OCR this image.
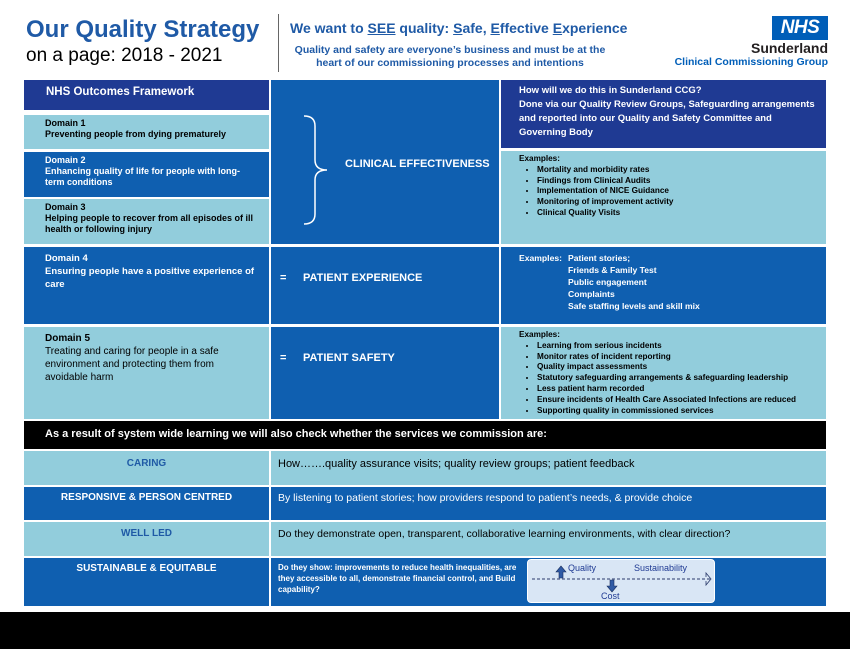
Our Quality Strategy
on a page: 2018 - 2021
We want to SEE quality: Safe, Effective Experience
Quality and safety are everyone’s business and must be at the heart of our commissioning processes and intentions
NHS
Sunderland
Clinical Commissioning Group
NHS Outcomes Framework
Domain 1
Preventing people from dying prematurely
Domain 2
Enhancing quality of life for people with long-term conditions
Domain 3
Helping people to recover from all episodes of ill health or following injury
CLINICAL EFFECTIVENESS
How will we do this in Sunderland CCG?
Done via our Quality Review Groups, Safeguarding arrangements and reported into our Quality and Safety Committee and Governing Body
Examples:
• Mortality and morbidity rates
• Findings from Clinical Audits
• Implementation of NICE Guidance
• Monitoring of improvement activity
• Clinical Quality Visits
Domain 4
Ensuring people have a positive experience of care
= PATIENT EXPERIENCE
Examples: Patient stories;
Friends & Family Test
Public engagement
Complaints
Safe staffing levels and skill mix
Domain 5
Treating and caring for people in a safe environment and protecting them from avoidable harm
= PATIENT SAFETY
Examples:
• Learning from serious incidents
• Monitor rates of incident reporting
• Quality impact assessments
• Statutory safeguarding arrangements & safeguarding leadership
• Less patient harm recorded
• Ensure incidents of Health Care Associated Infections are reduced
• Supporting quality in commissioned services
As a result of system wide learning we will also check whether the services we commission are:
CARING	How…….quality assurance visits; quality review groups; patient feedback
RESPONSIVE & PERSON CENTRED	By listening to patient stories; how providers respond to patient’s needs, & provide choice
WELL LED	Do they demonstrate open, transparent, collaborative learning environments, with clear direction?
SUSTAINABLE & EQUITABLE	Do they show: improvements to reduce health inequalities, are they accessible to all, demonstrate financial control, and Build capability?
Quality	Sustainability
Cost
